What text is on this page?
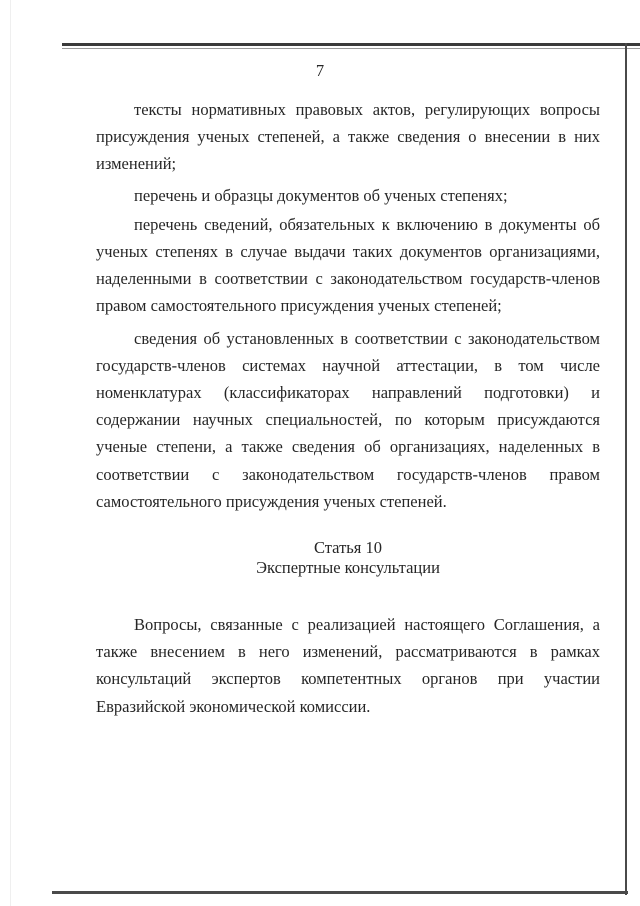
7

тексты нормативных правовых актов, регулирующих вопросы присуждения ученых степеней, а также сведения о внесении в них изменений;

перечень и образцы документов об ученых степенях;

перечень сведений, обязательных к включению в документы об ученых степенях в случае выдачи таких документов организациями, наделенными в соответствии с законодательством государств-членов правом самостоятельного присуждения ученых степеней;

сведения об установленных в соответствии с законодательством государств-членов системах научной аттестации, в том числе номенклатурах (классификаторах направлений подготовки) и содержании научных специальностей, по которым присуждаются ученые степени, а также сведения об организациях, наделенных в соответствии с законодательством государств-членов правом самостоятельного присуждения ученых степеней.

Статья 10
Экспертные консультации

Вопросы, связанные с реализацией настоящего Соглашения, а также внесением в него изменений, рассматриваются в рамках консультаций экспертов компетентных органов при участии Евразийской экономической комиссии.
